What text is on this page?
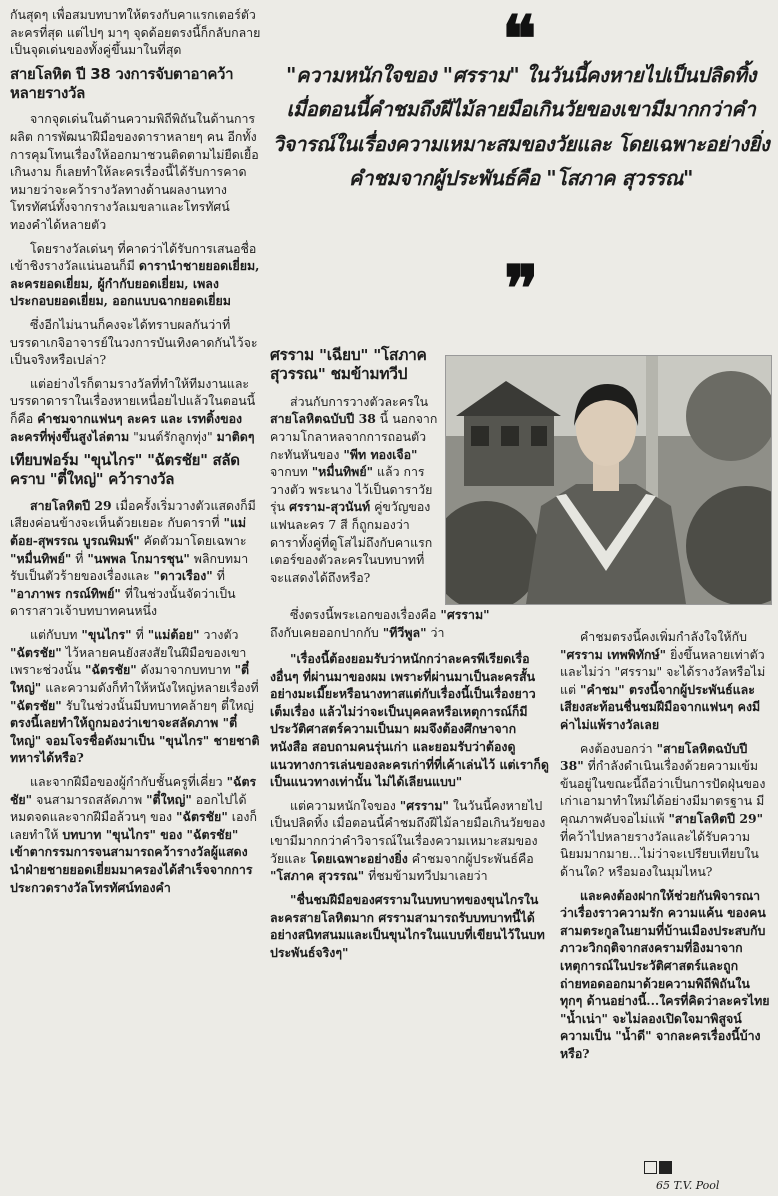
กันสุดๆ เพื่อสมบทบาทให้ตรงกับคาแรกเตอร์ตัวละครที่สุด แต่ไปๆ มาๆ จุดด้อยตรงนี้ก็กลับกลายเป็นจุดเด่นของทั้งคู่ขึ้นมาในที่สุด

สายโลหิต ปี 38 วงการจับตาอาคว้าหลายรางวัล

จากจุดเด่นในด้านความพิถีพิถันในด้านการผลิต การพัฒนาฝีมือของดาราหลายๆ คน อีกทั้งการคุมโทนเรื่องให้ออกมาชวนติดตามไม่ยืดเยื้อเกินงาม ก็เลยทำให้ละครเรื่องนี้ได้รับการคาดหมายว่าจะคว้ารางวัลทางด้านผลงานทางโทรทัศน์ทั้งจากรางวัลเมขลาและโทรทัศน์ทองคำได้หลายตัว

โดยรางวัลเด่นๆ ที่คาดว่าได้รับการเสนอชื่อเข้าชิงรางวัลแน่นอนก็มี ดารานำชายยอดเยี่ยม, ละครยอดเยี่ยม, ผู้กำกับยอดเยี่ยม, เพลงประกอบยอดเยี่ยม, ออกแบบฉากยอดเยี่ยม

ซึ่งอีกไม่นานก็คงจะได้ทราบผลกันว่าที่บรรดาเกจิอาจารย์ในวงการบันเทิงคาดกันไว้จะเป็นจริงหรือเปล่า?

แต่อย่างไรก็ตามรางวัลที่ทำให้ทีมงานและบรรดาดาราในเรื่องหายเหนื่อยไปแล้วในตอนนี้ก็คือ คำชมจากแฟนๆ ละคร และ เรทติ้งของละครที่พุ่งขึ้นสูงไล่ตาม "มนต์รักลูกทุ่ง" มาติดๆ

เทียบฟอร์ม "ขุนไกร" "ฉัตรชัย" สลัดคราบ "ตี๋ใหญ่" คว้ารางวัล

สายโลหิตปี 29 เมื่อครั้งเริ่มวางตัวแสดงก็มีเสียงค่อนข้างจะเห็นด้วยเยอะ กับดาราที่ "แม่ต้อย-สุพรรณ บูรณพิมพ์" คัดตัวมาโดยเฉพาะ "หมื่นทิพย์" ที่ "นพพล โกมารชุน" พลิกบทมารับเป็นตัวร้ายของเรื่องและ "ดาวเรือง" ที่ "อาภาพร กรณ์ทิพย์" ที่ในช่วงนั้นจัดว่าเป็นดาราสาวเจ้าบทบาทคนหนึ่ง

แต่กับบท "ขุนไกร" ที่ "แม่ต้อย" วางตัว "ฉัตรชัย" ไว้หลายคนยังสงสัยในฝีมือของเขาเพราะช่วงนั้น "ฉัตรชัย" ดังมาจากบทบาท "ตี๋ใหญ่" และความดังก็ทำให้หนังใหญ่หลายเรื่องที่ "ฉัตรชัย" รับในช่วงนั้นมีบทบาทคล้ายๆ ตี๋ใหญ่ ตรงนี้เลยทำให้ถูกมองว่าเขาจะสลัดภาพ "ตี๋ใหญ่" จอมโจรชื่อดังมาเป็น "ขุนไกร" ชายชาติทหารได้หรือ?

และจากฝีมือของผู้กำกับชั้นครูที่เคี่ยว "ฉัตรชัย" จนสามารถสลัดภาพ "ตี๋ใหญ่" ออกไปได้หมดจดและจากฝีมือล้วนๆ ของ "ฉัตรชัย" เองก็เลยทำให้ บทบาท "ขุนไกร" ของ "ฉัตรชัย" เข้าตากรรมการจนสามารถคว้ารางวัลผู้แสดงนำฝ่ายชายยอดเยี่ยมมาครองได้สำเร็จจากการประกวดรางวัลโทรทัศน์ทองคำ

❝
"ความหนักใจของ "ศรราม" ในวันนี้คงหายไปเป็นปลิดทิ้ง เมื่อตอนนี้คำชมถึงฝีไม้ลายมือเกินวัยของเขามีมากกว่าคำวิจารณ์ในเรื่องความเหมาะสมของวัยและ โดยเฉพาะอย่างยิ่งคำชมจากผู้ประพันธ์คือ "โสภาค สุวรรณ"
❞
ศรราม "เฉียบ" "โสภาค สุวรรณ" ชมข้ามทวีป

ส่วนกับการวางตัวละครใน สายโลหิตฉบับปี 38 นี้ นอกจากความโกลาหลจากการถอนตัวกะทันหันของ "พีท ทองเจือ" จากบท "หมื่นทิพย์" แล้ว การวางตัว พระนาง ไว้เป็นดาราวัยรุ่น ศรราม-สุวนันท์ คู่ขวัญของแฟนละคร 7 สี ก็ถูกมองว่าดาราทั้งคู่ที่ดูโสไม่ถึงกับคาแรกเตอร์ของตัวละครในบทบาทที่จะแสดงได้ถึงหรือ?

ซึ่งตรงนี้พระเอกของเรื่องคือ "ศรราม"
ถึงกับเคยออกปากกับ "ทีวีพูล" ว่า

"เรื่องนี้ต้องยอมรับว่าหนักกว่าละครพีเรียดเรื่องอื่นๆ ที่ผ่านมาของผม เพราะที่ผ่านมาเป็นละครสั้นอย่างมะเมี๊ยะหรือนางทาสแต่กับเรื่องนี้เป็นเรื่องยาวเต็มเรื่อง แล้วไม่ว่าจะเป็นบุคคลหรือเหตุการณ์ก็มีประวัติศาสตร์ความเป็นมา ผมจึงต้องศึกษาจากหนังสือ สอบถามคนรุ่นเก่า และยอมรับว่าต้องดูแนวทางการเล่นของละครเก่าที่ที่เค้าเล่นไว้ แต่เราก็ดูเป็นแนวทางเท่านั้น ไม่ได้เลียนแบบ"

แต่ความหนักใจของ "ศรราม" ในวันนี้คงหายไปเป็นปลิดทิ้ง เมื่อตอนนี้คำชมถึงฝีไม้ลายมือเกินวัยของเขามีมากกว่าคำวิจารณ์ในเรื่องความเหมาะสมของวัยและ โดยเฉพาะอย่างยิ่ง คำชมจากผู้ประพันธ์คือ "โสภาค สุวรรณ" ที่ชมข้ามทวีปมาเลยว่า

"ชื่นชมฝีมือของศรรามในบทบาทของขุนไกรในละครสายโลหิตมาก ศรรามสามารถรับบทบาทนี้ได้อย่างสนิทสนมและเป็นขุนไกรในแบบที่เขียนไว้ในบทประพันธ์จริงๆ"

คำชมตรงนี้คงเพิ่มกำลังใจให้กับ "ศรราม เทพพิทักษ์" ยิ่งขึ้นหลายเท่าตัวและไม่ว่า "ศรราม" จะได้รางวัลหรือไม่ แต่ "คำชม" ตรงนี้จากผู้ประพันธ์และเสียงสะท้อนชื่นชมฝีมือจากแฟนๆ คงมีค่าไม่แพ้รางวัลเลย

คงต้องบอกว่า "สายโลหิตฉบับปี 38" ที่กำลังดำเนินเรื่องด้วยความเข้มข้นอยู่ในขณะนี้ถือว่าเป็นการปัดฝุ่นของเก่าเอามาทำใหม่ได้อย่างมีมาตรฐาน มีคุณภาพคับจอไม่แพ้ "สายโลหิตปี 29" ที่คว้าไปหลายรางวัลและได้รับความนิยมมากมาย...ไม่ว่าจะเปรียบเทียบในด้านใด? หรือมองในมุมไหน?

และคงต้องฝากให้ช่วยกันพิจารณาว่าเรื่องราวความรัก ความแค้น ของคนสามตระกูลในยามที่บ้านเมืองประสบกับภาวะวิกฤติจากสงครามที่อิงมาจากเหตุการณ์ในประวัติศาสตร์และถูกถ่ายทอดออกมาด้วยความพิถีพิถันในทุกๆ ด้านอย่างนี้...ใครที่คิดว่าละครไทย "น้ำเน่า" จะไม่ลองเปิดใจมาพิสูจน์ความเป็น "น้ำดี" จากละครเรื่องนี้บ้างหรือ?

65 T.V. Pool
